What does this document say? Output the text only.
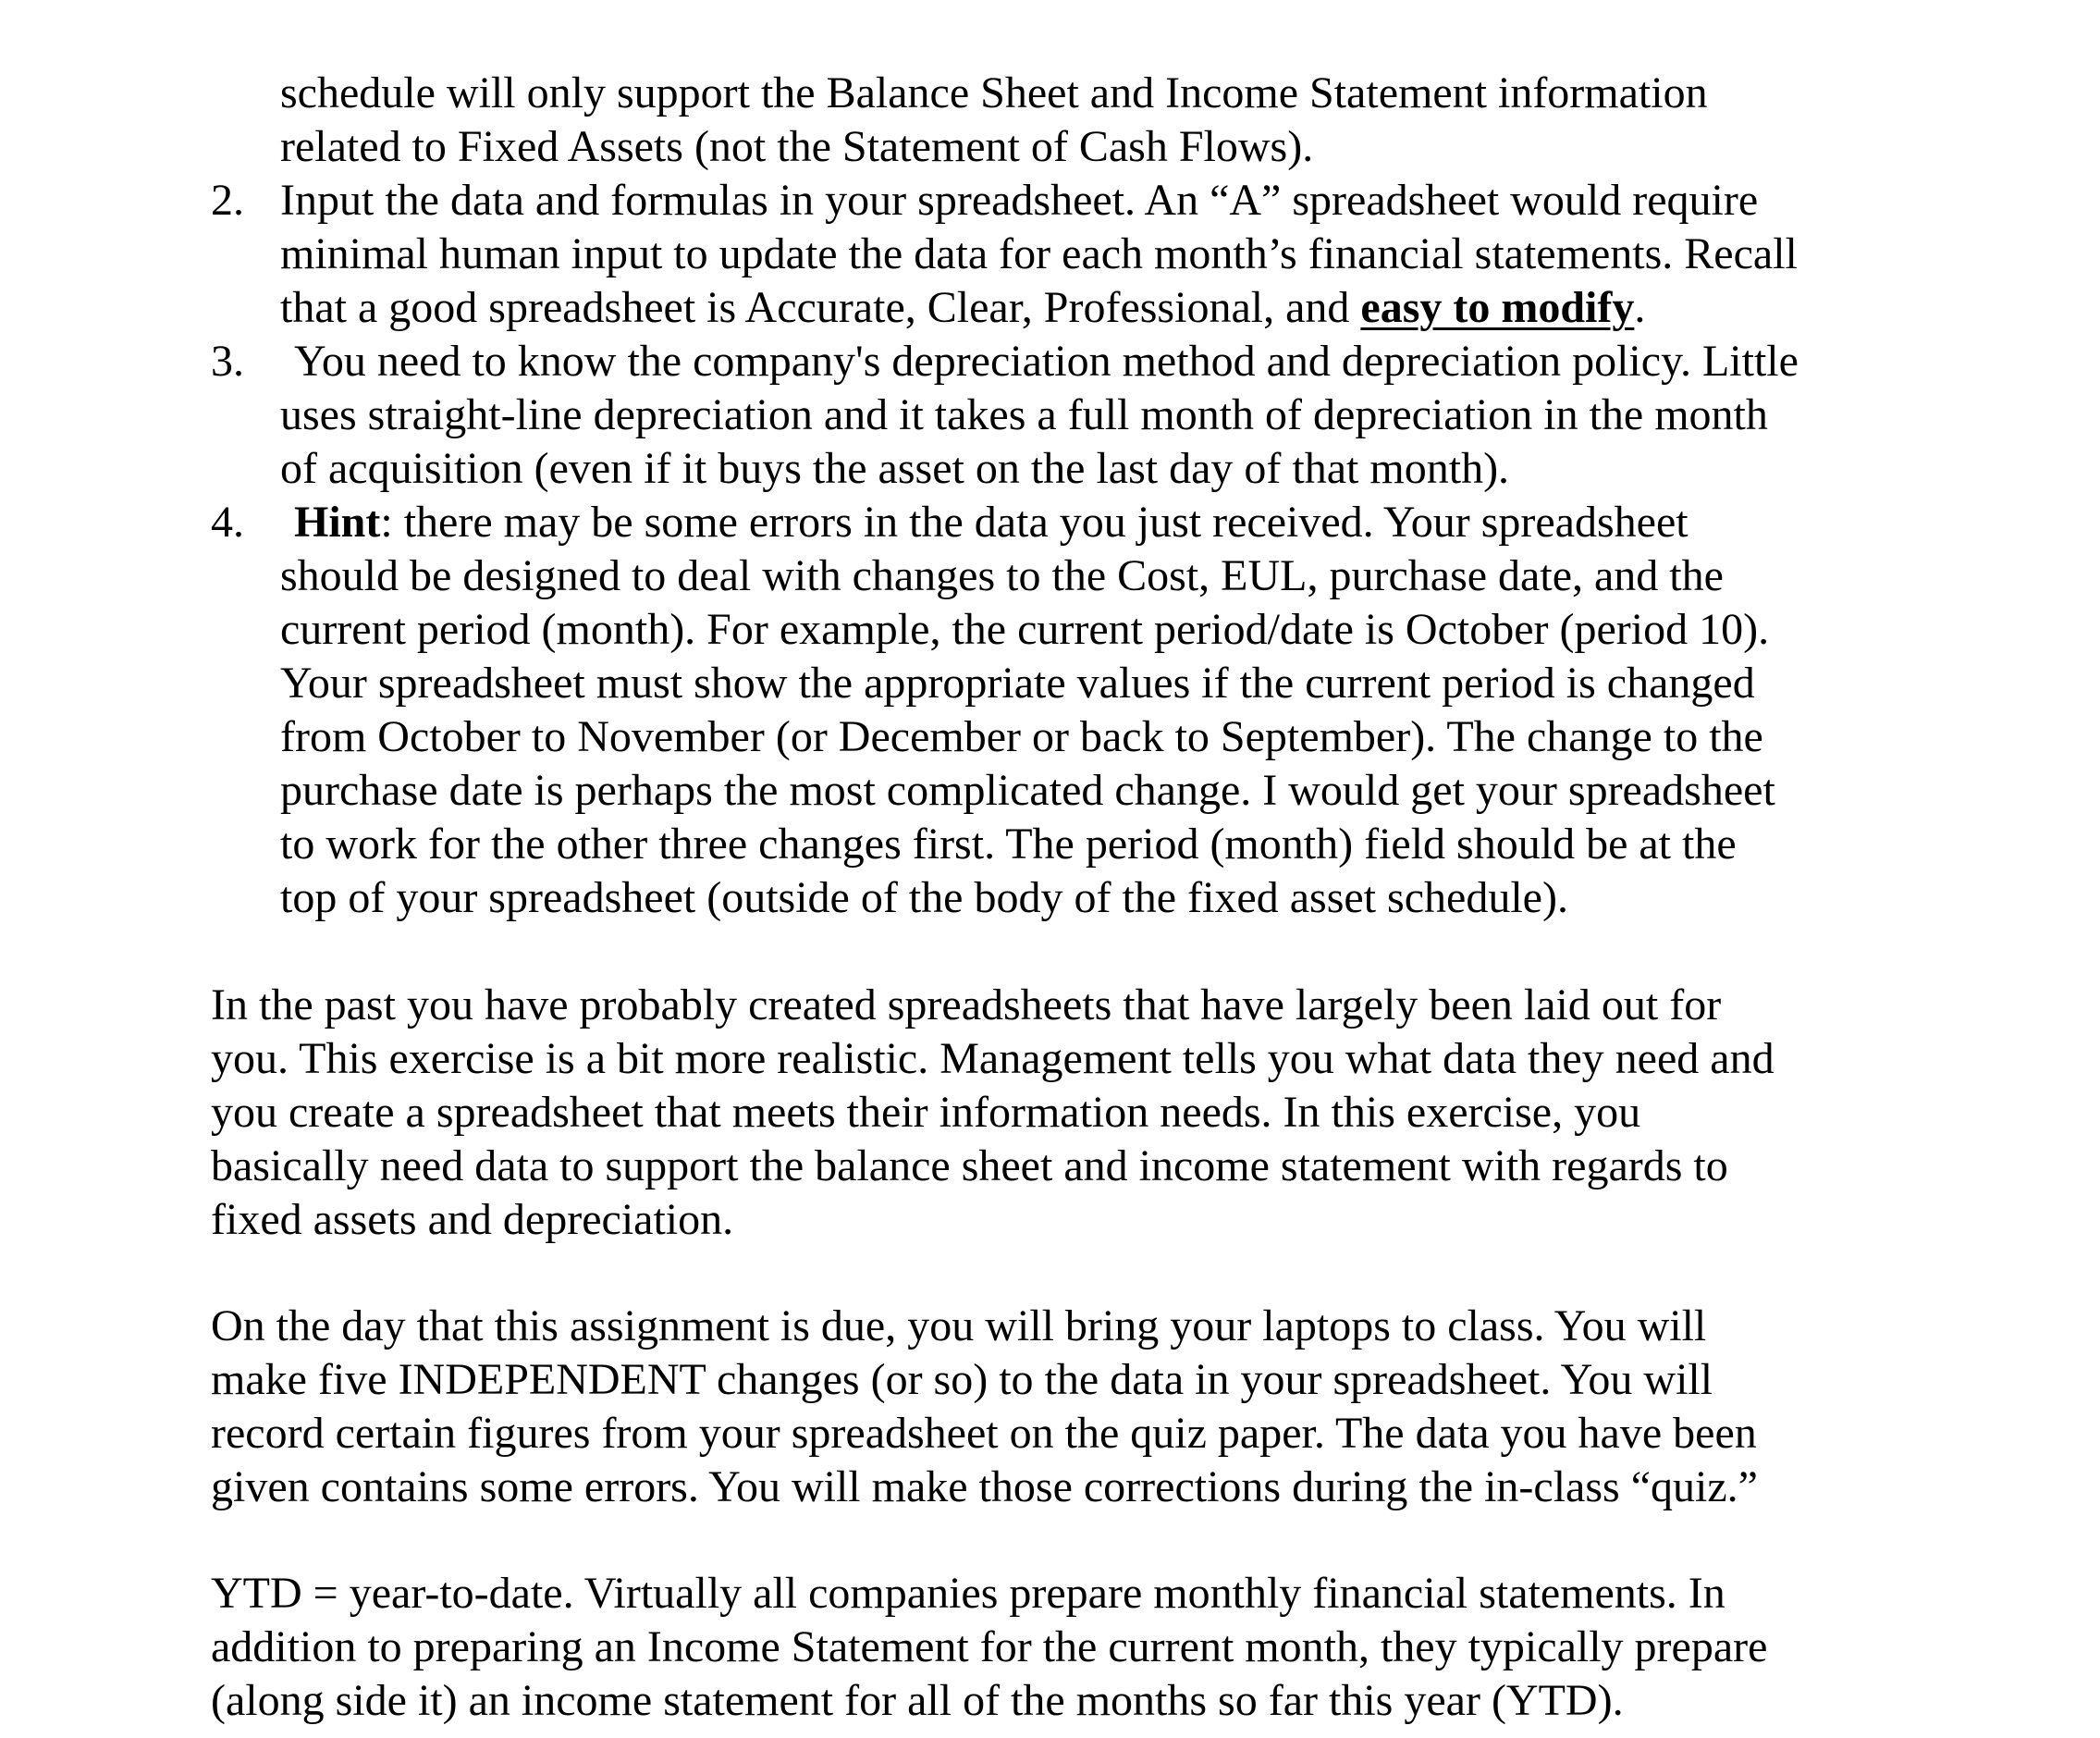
schedule will only support the Balance Sheet and Income Statement information
related to Fixed Assets (not the Statement of Cash Flows).
2. Input the data and formulas in your spreadsheet. An “A” spreadsheet would require
minimal human input to update the data for each month’s financial statements. Recall
that a good spreadsheet is Accurate, Clear, Professional, and easy to modify.
3. You need to know the company's depreciation method and depreciation policy. Little
uses straight-line depreciation and it takes a full month of depreciation in the month
of acquisition (even if it buys the asset on the last day of that month).
4. Hint: there may be some errors in the data you just received. Your spreadsheet
should be designed to deal with changes to the Cost, EUL, purchase date, and the
current period (month). For example, the current period/date is October (period 10).
Your spreadsheet must show the appropriate values if the current period is changed
from October to November (or December or back to September). The change to the
purchase date is perhaps the most complicated change. I would get your spreadsheet
to work for the other three changes first. The period (month) field should be at the
top of your spreadsheet (outside of the body of the fixed asset schedule).
In the past you have probably created spreadsheets that have largely been laid out for
you. This exercise is a bit more realistic. Management tells you what data they need and
you create a spreadsheet that meets their information needs. In this exercise, you
basically need data to support the balance sheet and income statement with regards to
fixed assets and depreciation.
On the day that this assignment is due, you will bring your laptops to class. You will
make five INDEPENDENT changes (or so) to the data in your spreadsheet. You will
record certain figures from your spreadsheet on the quiz paper. The data you have been
given contains some errors. You will make those corrections during the in-class “quiz.”
YTD = year-to-date. Virtually all companies prepare monthly financial statements. In
addition to preparing an Income Statement for the current month, they typically prepare
(along side it) an income statement for all of the months so far this year (YTD).
